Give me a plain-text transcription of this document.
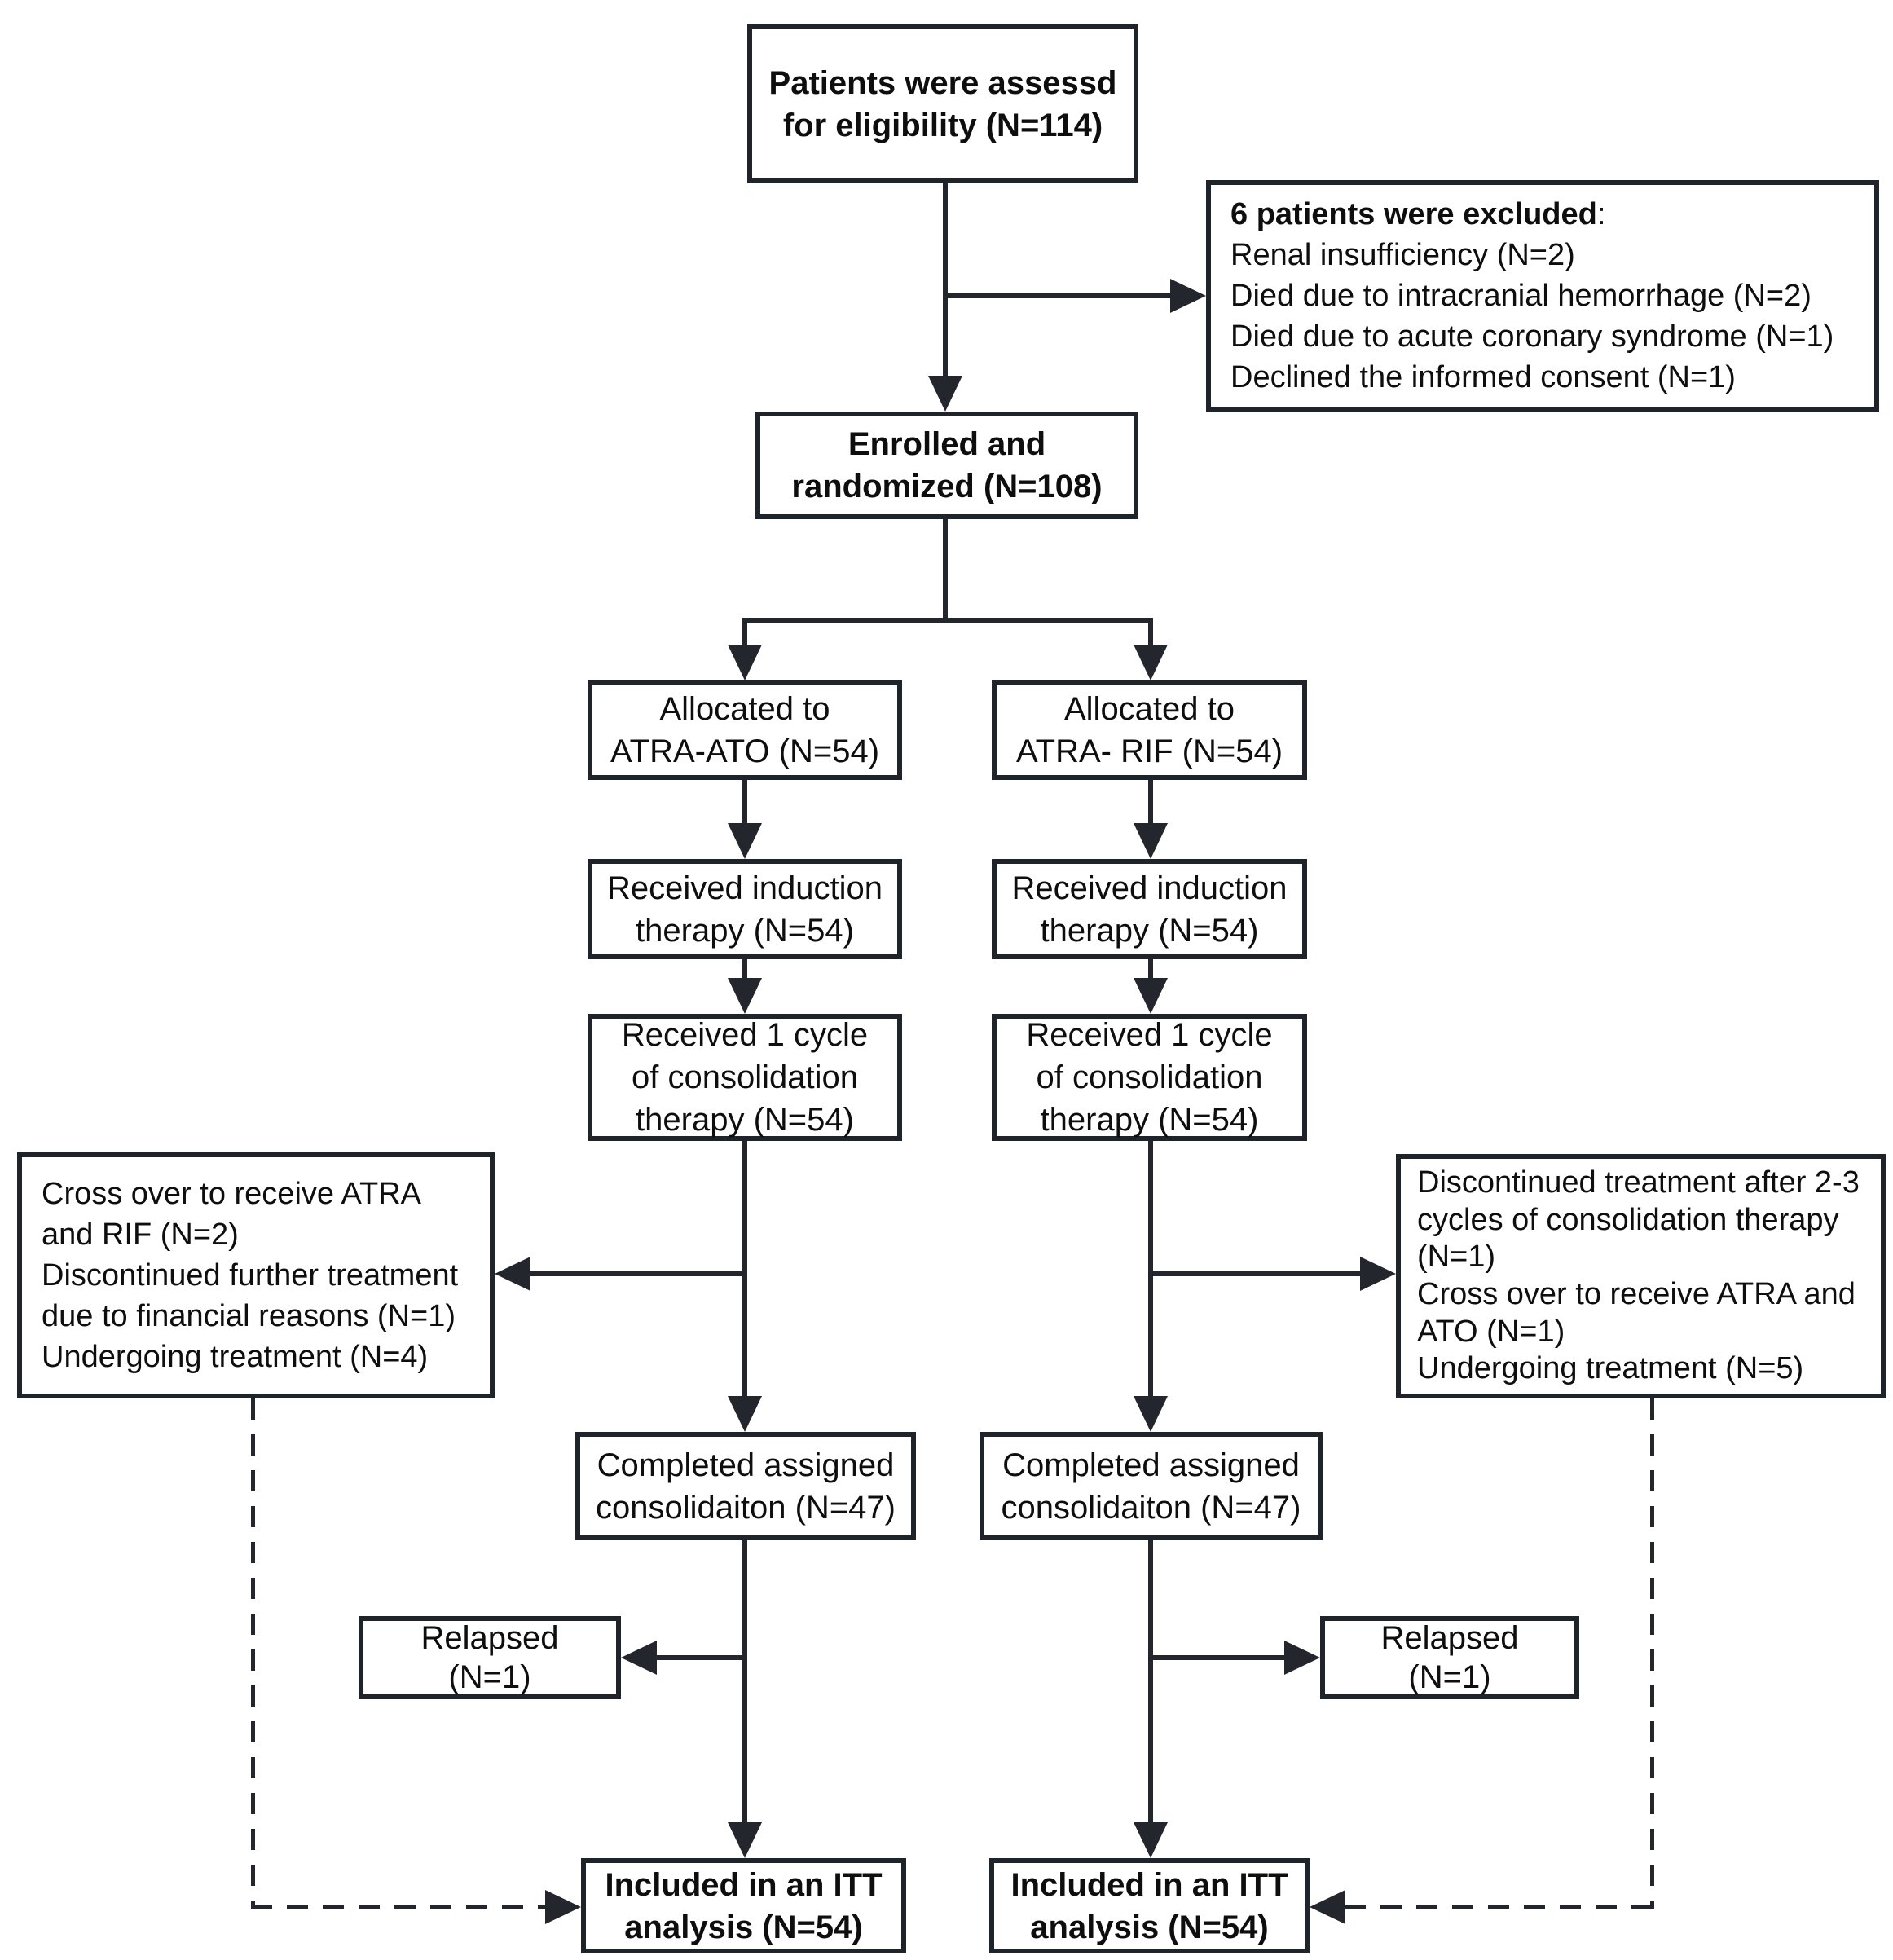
Patients were assessd
for eligibility (N=114)
6 patients were excluded:
Renal insufficiency (N=2)
Died due to intracranial hemorrhage (N=2)
Died due to acute coronary syndrome (N=1)
Declined the informed consent (N=1)
Enrolled and
randomized (N=108)
Allocated to
ATRA-ATO (N=54)
Allocated to
ATRA- RIF (N=54)
Received induction
therapy (N=54)
Received induction
therapy (N=54)
Received 1 cycle
of consolidation
therapy (N=54)
Received 1 cycle
of consolidation
therapy (N=54)
Cross over to receive ATRA
and RIF (N=2)
Discontinued further treatment
due to financial reasons (N=1)
Undergoing treatment (N=4)
Discontinued treatment after 2-3
cycles of consolidation therapy
(N=1)
Cross over to receive ATRA and
ATO (N=1)
Undergoing treatment (N=5)
Completed assigned
consolidaiton (N=47)
Completed assigned
consolidaiton (N=47)
Relapsed
(N=1)
Relapsed
(N=1)
Included in an ITT
analysis (N=54)
Included in an ITT
analysis (N=54)
